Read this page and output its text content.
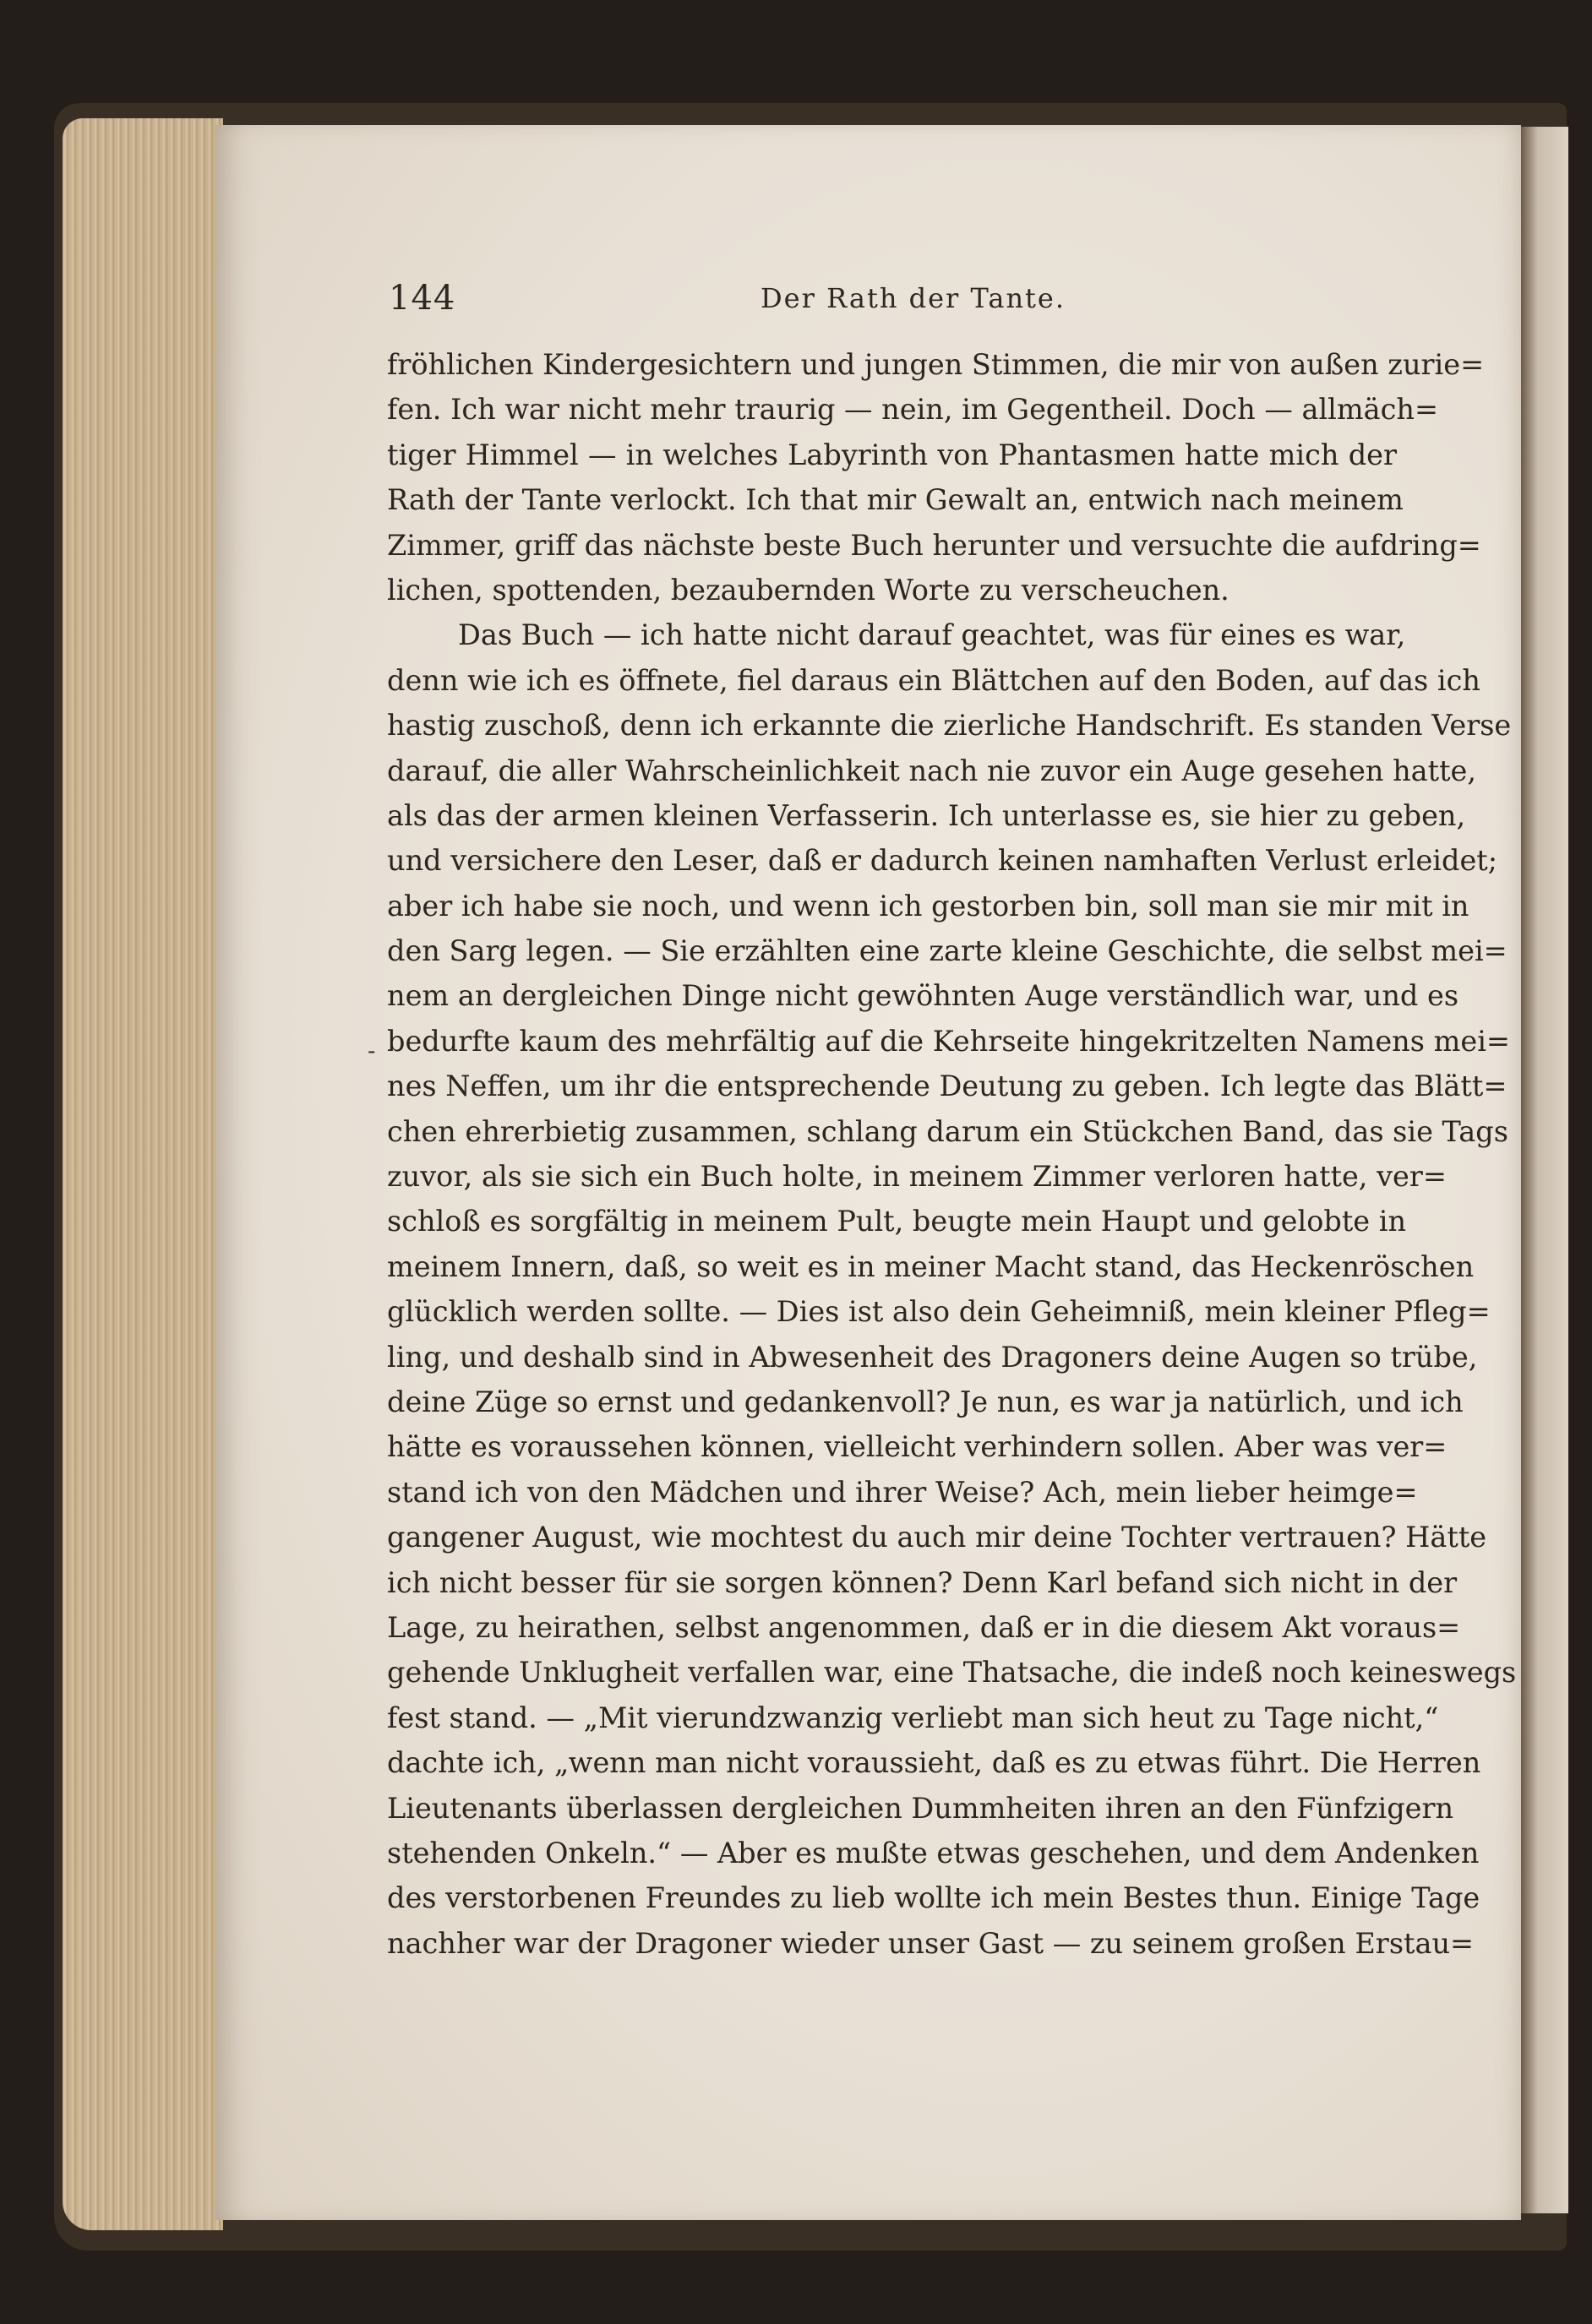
144	Der Rath der Tante.
-
fröhlichen Kindergesichtern und jungen Stimmen, die mir von außen zurie=
fen. Ich war nicht mehr traurig — nein, im Gegentheil. Doch — allmäch=
tiger Himmel — in welches Labyrinth von Phantasmen hatte mich der
Rath der Tante verlockt. Ich that mir Gewalt an, entwich nach meinem
Zimmer, griff das nächste beste Buch herunter und versuchte die aufdring=
lichen, spottenden, bezaubernden Worte zu verscheuchen.
Das Buch — ich hatte nicht darauf geachtet, was für eines es war,
denn wie ich es öffnete, fiel daraus ein Blättchen auf den Boden, auf das ich
hastig zuschoß, denn ich erkannte die zierliche Handschrift. Es standen Verse
darauf, die aller Wahrscheinlichkeit nach nie zuvor ein Auge gesehen hatte,
als das der armen kleinen Verfasserin. Ich unterlasse es, sie hier zu geben,
und versichere den Leser, daß er dadurch keinen namhaften Verlust erleidet;
aber ich habe sie noch, und wenn ich gestorben bin, soll man sie mir mit in
den Sarg legen. — Sie erzählten eine zarte kleine Geschichte, die selbst mei=
nem an dergleichen Dinge nicht gewöhnten Auge verständlich war, und es
bedurfte kaum des mehrfältig auf die Kehrseite hingekritzelten Namens mei=
nes Neffen, um ihr die entsprechende Deutung zu geben. Ich legte das Blätt=
chen ehrerbietig zusammen, schlang darum ein Stückchen Band, das sie Tags
zuvor, als sie sich ein Buch holte, in meinem Zimmer verloren hatte, ver=
schloß es sorgfältig in meinem Pult, beugte mein Haupt und gelobte in
meinem Innern, daß, so weit es in meiner Macht stand, das Heckenröschen
glücklich werden sollte. — Dies ist also dein Geheimniß, mein kleiner Pfleg=
ling, und deshalb sind in Abwesenheit des Dragoners deine Augen so trübe,
deine Züge so ernst und gedankenvoll? Je nun, es war ja natürlich, und ich
hätte es voraussehen können, vielleicht verhindern sollen. Aber was ver=
stand ich von den Mädchen und ihrer Weise? Ach, mein lieber heimge=
gangener August, wie mochtest du auch mir deine Tochter vertrauen? Hätte
ich nicht besser für sie sorgen können? Denn Karl befand sich nicht in der
Lage, zu heirathen, selbst angenommen, daß er in die diesem Akt voraus=
gehende Unklugheit verfallen war, eine Thatsache, die indeß noch keineswegs
fest stand. — „Mit vierundzwanzig verliebt man sich heut zu Tage nicht,“
dachte ich, „wenn man nicht voraussieht, daß es zu etwas führt. Die Herren
Lieutenants überlassen dergleichen Dummheiten ihren an den Fünfzigern
stehenden Onkeln.“ — Aber es mußte etwas geschehen, und dem Andenken
des verstorbenen Freundes zu lieb wollte ich mein Bestes thun. Einige Tage
nachher war der Dragoner wieder unser Gast — zu seinem großen Erstau=
